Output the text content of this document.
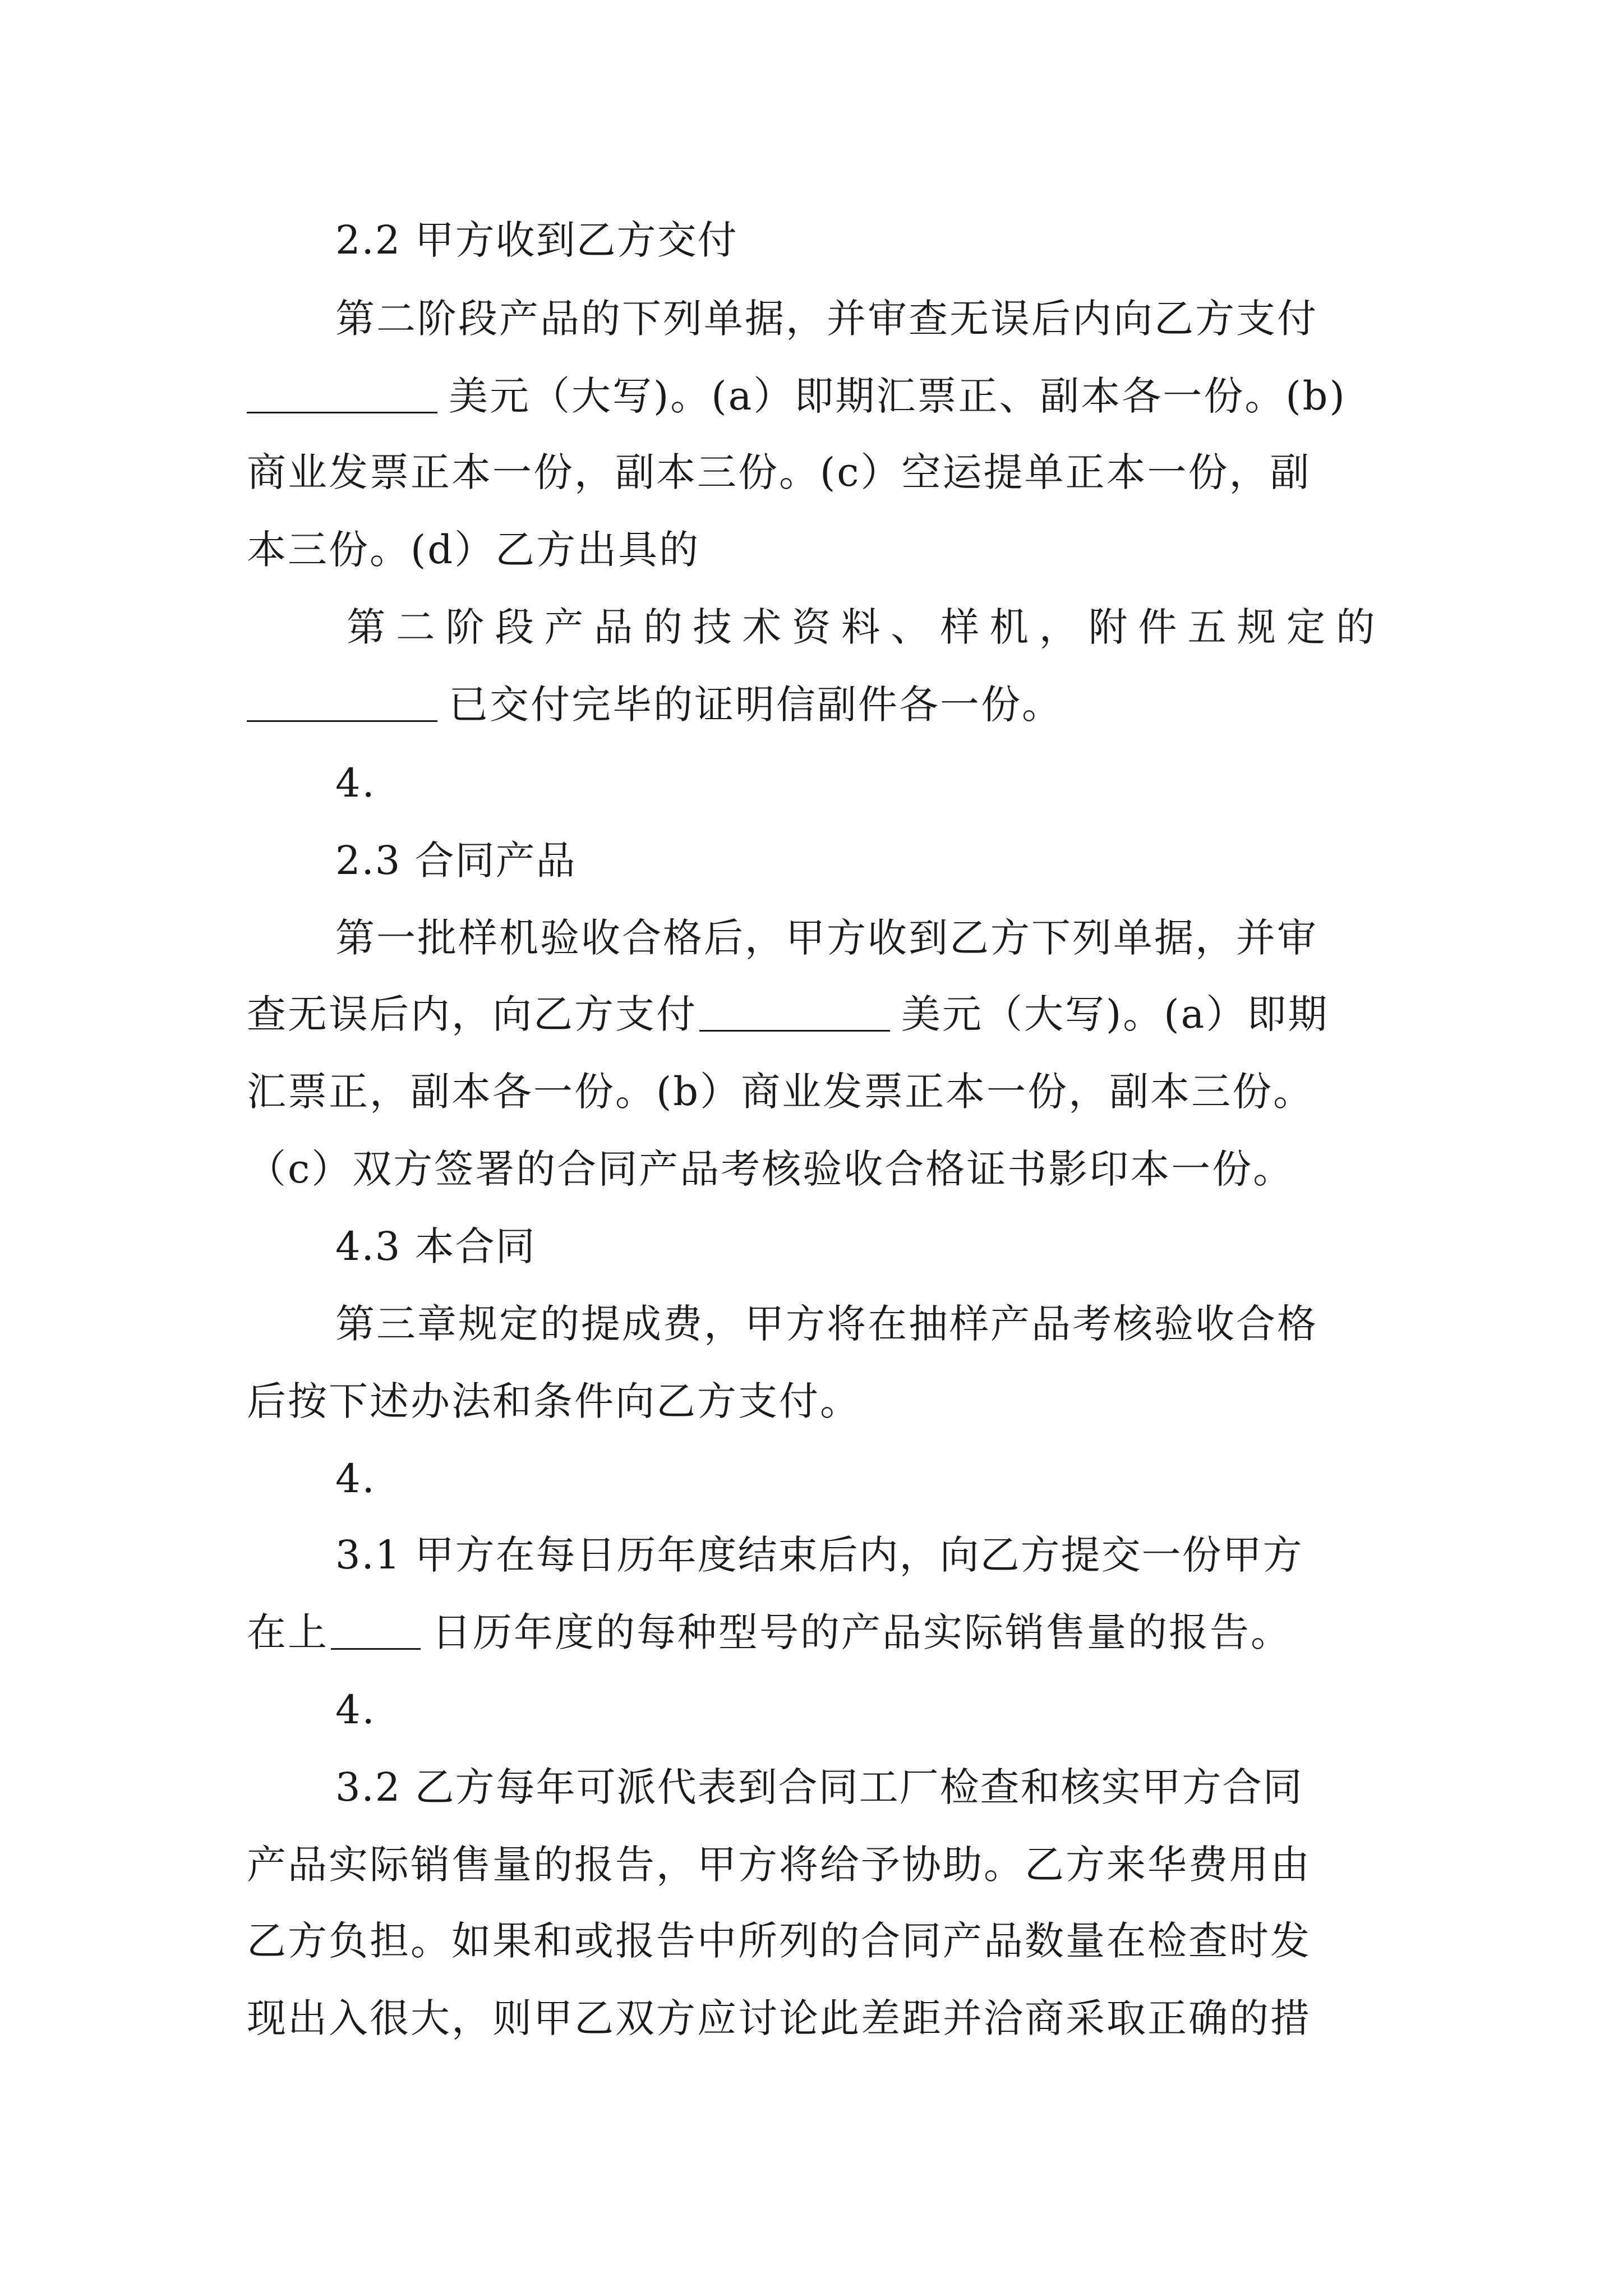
2.2 甲方收到乙方交付
第二阶段产品的下列单据，并审查无误后内向乙方支付
美元（大写)。(a）即期汇票正、副本各一份。(b)
商业发票正本一份，副本三份。(c）空运提单正本一份，副
本三份。(d）乙方出具的
第二阶段产品的技术资料、样机，附件五规定的
已交付完毕的证明信副件各一份。
4.
2.3 合同产品
第一批样机验收合格后，甲方收到乙方下列单据，并审
查无误后内，向乙方支付	美元（大写)。(a）即期
汇票正，副本各一份。(b）商业发票正本一份，副本三份。
（c）双方签署的合同产品考核验收合格证书影印本一份。
4.3 本合同
第三章规定的提成费，甲方将在抽样产品考核验收合格
后按下述办法和条件向乙方支付。
4.
3.1 甲方在每日历年度结束后内，向乙方提交一份甲方
在上	日历年度的每种型号的产品实际销售量的报告。
4.
3.2 乙方每年可派代表到合同工厂检查和核实甲方合同
产品实际销售量的报告，甲方将给予协助。乙方来华费用由
乙方负担。如果和或报告中所列的合同产品数量在检查时发
现出入很大，则甲乙双方应讨论此差距并洽商采取正确的措
